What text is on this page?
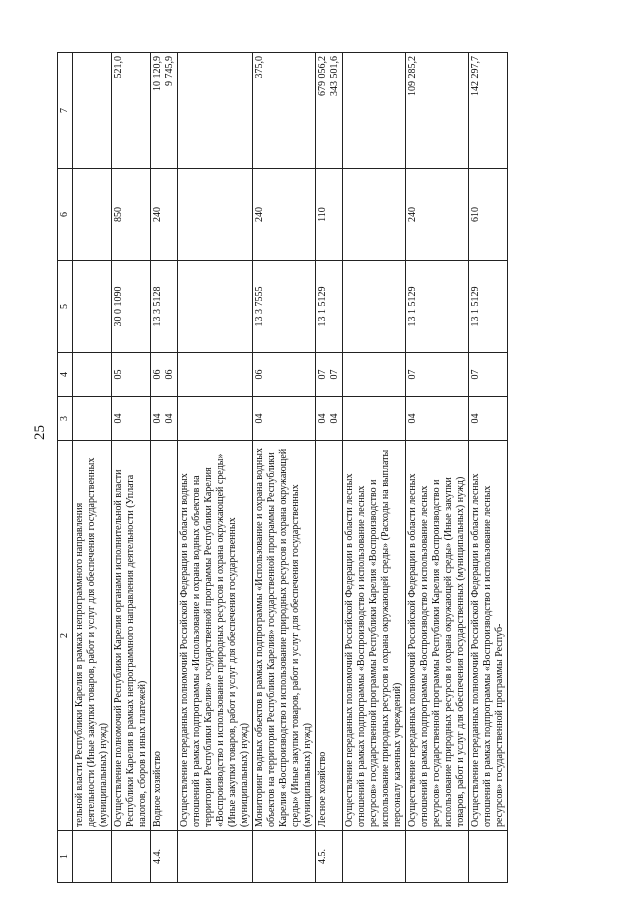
25
1	2	3	4	5	6	7
	тельной власти Республики Карелия в рамках непрограммного направления деятельности (Иные закупки товаров, работ и услуг для обеспечения государственных (муниципальных) нужд)	

	Осуществление полномочий Республики Карелия органами исполнительной власти Республики Карелия в рамках непрограммного направления деятельности (Уплата налогов, сборов и иных платежей)	04	05	30 0 1090	850	521,0

4.4.	Водное хозяйство	04 04	06 06	13 3 5128	240	10 120,9 9 745,9

	Осуществление переданных полномочий Российской Федерации в области водных отношений в рамках подпрограммы «Использование и охрана водных объектов на территории Республики Карелия» государственной программы Республики Карелия «Воспроизводство и использование природных ресурсов и охрана окружающей среды» (Иные закупки товаров, работ и услуг для обеспечения государственных (муниципальных) нужд)	

	Мониторинг водных объектов в рамках подпрограммы «Использование и охрана водных объектов на территории Республики Карелия» государственной программы Республики Карелия «Воспроизводство и использование природных ресурсов и охрана окружающей среды» (Иные закупки товаров, работ и услуг для обеспечения государственных (муниципальных) нужд)	04	06	13 3 7555	240	375,0

4.5.	Лесное хозяйство	04 04	07 07	13 1 5129	110	679 056,2 343 501,6

	Осуществление переданных полномочий Российской Федерации в области лесных отношений в рамках подпрограммы «Воспроизводство и использование лесных ресурсов» государственной программы Республики Карелия «Воспроизводство и использование природных ресурсов и охрана окружающей среды» (Расходы на выплаты персоналу казенных учреждений)	

	Осуществление переданных полномочий Российской Федерации в области лесных отношений в рамках подпрограммы «Воспроизводство и использование лесных ресурсов» государственной программы Республики Карелия «Воспроизводство и использование природных ресурсов и охрана окружающей среды» (Иные закупки товаров, работ и услуг для обеспечения государственных (муниципальных) нужд)	04	07	13 1 5129	240	109 285,2

	Осуществление переданных полномочий Российской Федерации в области лесных отношений в рамках подпрограммы «Воспроизводство и использование лесных ресурсов» государственной программы Респуб-	04	07	13 1 5129	610	142 297,7
